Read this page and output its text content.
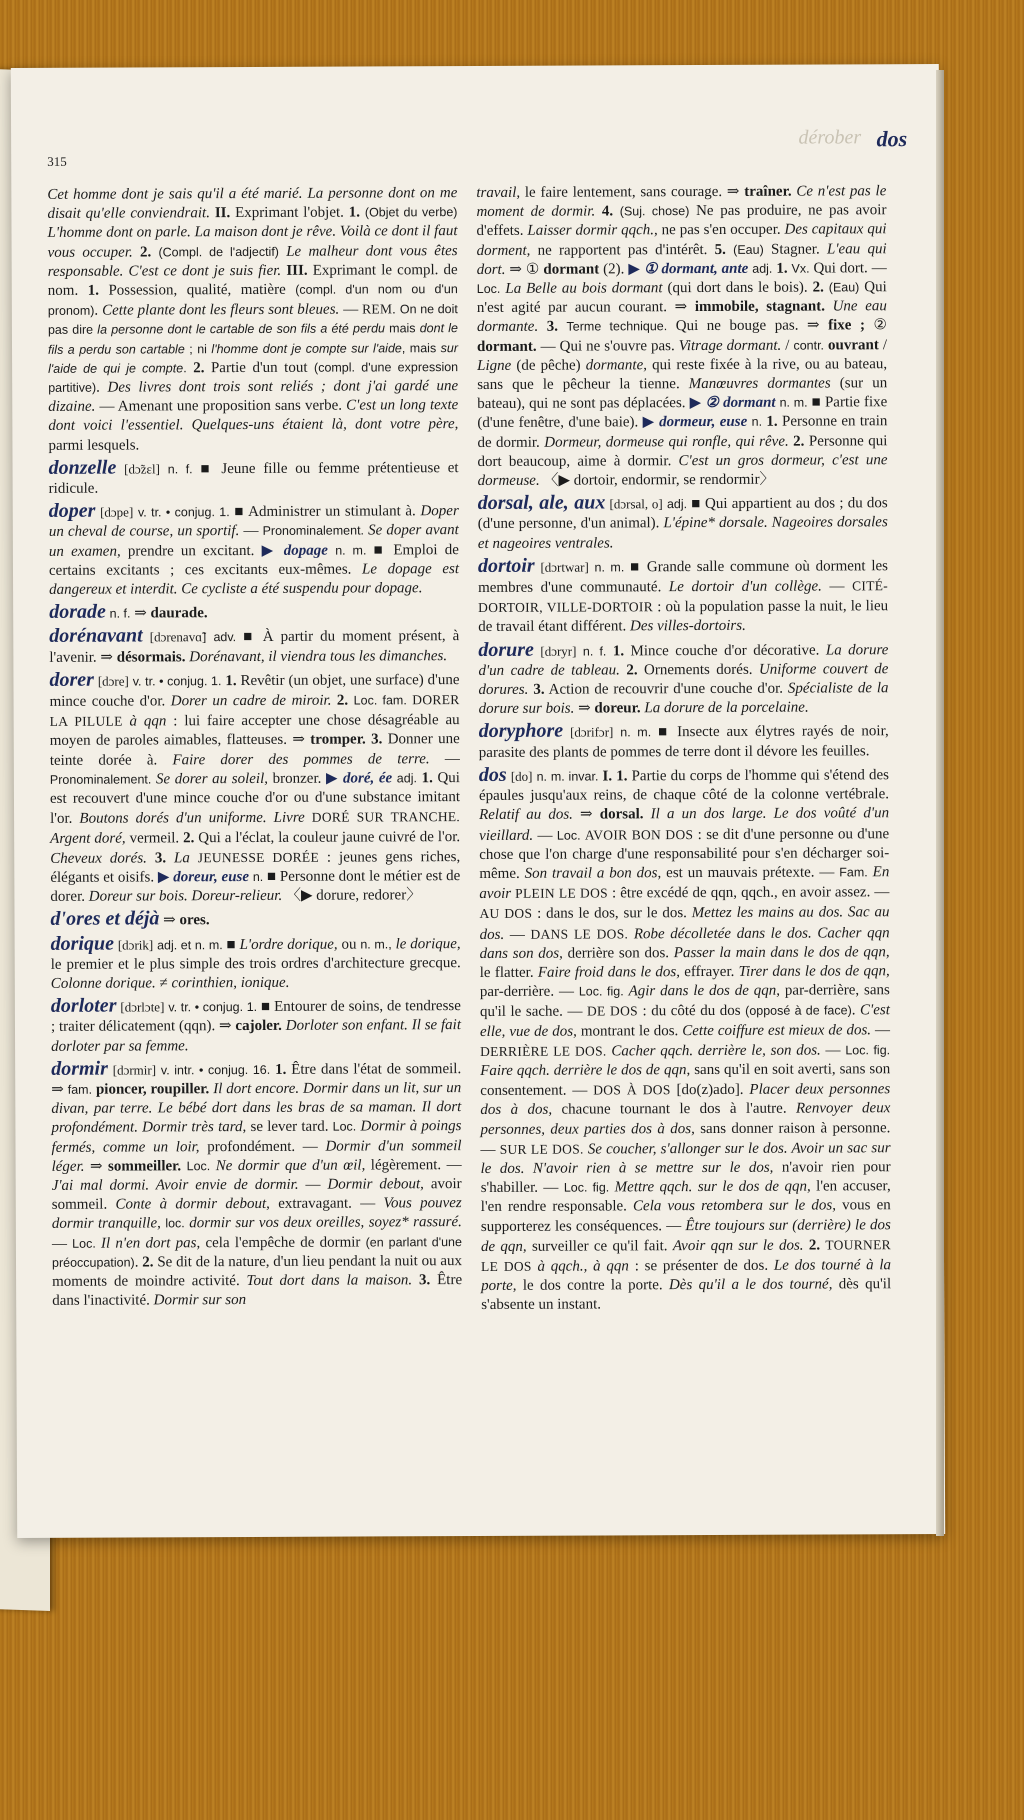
315
dérober dos

Cet homme dont je sais qu'il a été marié. La personne dont on me disait qu'elle conviendrait. II. Exprimant l'objet. 1. (Objet du verbe) L'homme dont on parle. La maison dont je rêve. Voilà ce dont il faut vous occuper. 2. (Compl. de l'adjectif) Le malheur dont vous êtes responsable. C'est ce dont je suis fier. III. Exprimant le compl. de nom. 1. Possession, qualité, matière (compl. d'un nom ou d'un pronom). Cette plante dont les fleurs sont bleues. — REM. On ne doit pas dire la personne dont le cartable de son fils a été perdu mais dont le fils a perdu son cartable ; ni l'homme dont je compte sur l'aide, mais sur l'aide de qui je compte. 2. Partie d'un tout (compl. d'une expression partitive). Des livres dont trois sont reliés ; dont j'ai gardé une dizaine. — Amenant une proposition sans verbe. C'est un long texte dont voici l'essentiel. Quelques-uns étaient là, dont votre père, parmi lesquels.

donzelle [dɔ̃zɛl] n. f. ■ Jeune fille ou femme prétentieuse et ridicule.

doper [dɔpe] v. tr. • conjug. 1. ■ Administrer un stimulant à. Doper un cheval de course, un sportif. — Pronominalement. Se doper avant un examen, prendre un excitant. ▶ dopage n. m. ■ Emploi de certains excitants ; ces excitants eux-mêmes. Le dopage est dangereux et interdit. Ce cycliste a été suspendu pour dopage.

dorade n. f. ⇒ daurade.

dorénavant [dɔrenavɑ̃] adv. ■ À partir du moment présent, à l'avenir. ⇒ désormais. Dorénavant, il viendra tous les dimanches.

dorer [dɔre] v. tr. • conjug. 1. 1. Revêtir (un objet, une surface) d'une mince couche d'or. Dorer un cadre de miroir. 2. Loc. fam. DORER LA PILULE à qqn : lui faire accepter une chose désagréable au moyen de paroles aimables, flatteuses. ⇒ tromper. 3. Donner une teinte dorée à. Faire dorer des pommes de terre. — Pronominalement. Se dorer au soleil, bronzer. ▶ doré, ée adj. 1. Qui est recouvert d'une mince couche d'or ou d'une substance imitant l'or. Boutons dorés d'un uniforme. Livre DORÉ SUR TRANCHE. Argent doré, vermeil. 2. Qui a l'éclat, la couleur jaune cuivré de l'or. Cheveux dorés. 3. La JEUNESSE DORÉE : jeunes gens riches, élégants et oisifs. ▶ doreur, euse n. ■ Personne dont le métier est de dorer. Doreur sur bois. Doreur-relieur. 〈▶ dorure, redorer〉

d'ores et déjà ⇒ ores.

dorique [dɔrik] adj. et n. m. ■ L'ordre dorique, ou n. m., le dorique, le premier et le plus simple des trois ordres d'architecture grecque. Colonne dorique. ≠ corinthien, ionique.

dorloter [dɔrlɔte] v. tr. • conjug. 1. ■ Entourer de soins, de tendresse ; traiter délicatement (qqn). ⇒ cajoler. Dorloter son enfant. Il se fait dorloter par sa femme.

dormir [dɔrmir] v. intr. • conjug. 16. 1. Être dans l'état de sommeil. ⇒ fam. pioncer, roupiller. Il dort encore. Dormir dans un lit, sur un divan, par terre. Le bébé dort dans les bras de sa maman. Il dort profondément. Dormir très tard, se lever tard. Loc. Dormir à poings fermés, comme un loir, profondément. — Dormir d'un sommeil léger. ⇒ sommeiller. Loc. Ne dormir que d'un œil, légèrement. — J'ai mal dormi. Avoir envie de dormir. — Dormir debout, avoir sommeil. Conte à dormir debout, extravagant. — Vous pouvez dormir tranquille, loc. dormir sur vos deux oreilles, soyez* rassuré. — Loc. Il n'en dort pas, cela l'empêche de dormir (en parlant d'une préoccupation). 2. Se dit de la nature, d'un lieu pendant la nuit ou aux moments de moindre activité. Tout dort dans la maison. 3. Être dans l'inactivité. Dormir sur son

travail, le faire lentement, sans courage. ⇒ traîner. Ce n'est pas le moment de dormir. 4. (Suj. chose) Ne pas produire, ne pas avoir d'effets. Laisser dormir qqch., ne pas s'en occuper. Des capitaux qui dorment, ne rapportent pas d'intérêt. 5. (Eau) Stagner. L'eau qui dort. ⇒ ① dormant (2). ▶ ① dormant, ante adj. 1. Vx. Qui dort. — Loc. La Belle au bois dormant (qui dort dans le bois). 2. (Eau) Qui n'est agité par aucun courant. ⇒ immobile, stagnant. Une eau dormante. 3. Terme technique. Qui ne bouge pas. ⇒ fixe ; ② dormant. — Qui ne s'ouvre pas. Vitrage dormant. / contr. ouvrant / Ligne (de pêche) dormante, qui reste fixée à la rive, ou au bateau, sans que le pêcheur la tienne. Manœuvres dormantes (sur un bateau), qui ne sont pas déplacées. ▶ ② dormant n. m. ■ Partie fixe (d'une fenêtre, d'une baie). ▶ dormeur, euse n. 1. Personne en train de dormir. Dormeur, dormeuse qui ronfle, qui rêve. 2. Personne qui dort beaucoup, aime à dormir. C'est un gros dormeur, c'est une dormeuse. 〈▶ dortoir, endormir, se rendormir〉

dorsal, ale, aux [dɔrsal, o] adj. ■ Qui appartient au dos ; du dos (d'une personne, d'un animal). L'épine* dorsale. Nageoires dorsales et nageoires ventrales.

dortoir [dɔrtwar] n. m. ■ Grande salle commune où dorment les membres d'une communauté. Le dortoir d'un collège. — CITÉ-DORTOIR, VILLE-DORTOIR : où la population passe la nuit, le lieu de travail étant différent. Des villes-dortoirs.

dorure [dɔryr] n. f. 1. Mince couche d'or décorative. La dorure d'un cadre de tableau. 2. Ornements dorés. Uniforme couvert de dorures. 3. Action de recouvrir d'une couche d'or. Spécialiste de la dorure sur bois. ⇒ doreur. La dorure de la porcelaine.

doryphore [dɔrifɔr] n. m. ■ Insecte aux élytres rayés de noir, parasite des plants de pommes de terre dont il dévore les feuilles.

dos [do] n. m. invar. I. 1. Partie du corps de l'homme qui s'étend des épaules jusqu'aux reins, de chaque côté de la colonne vertébrale. Relatif au dos. ⇒ dorsal. Il a un dos large. Le dos voûté d'un vieillard. — Loc. AVOIR BON DOS : se dit d'une personne ou d'une chose que l'on charge d'une responsabilité pour s'en décharger soi-même. Son travail a bon dos, est un mauvais prétexte. — Fam. En avoir PLEIN LE DOS : être excédé de qqn, qqch., en avoir assez. — AU DOS : dans le dos, sur le dos. Mettez les mains au dos. Sac au dos. — DANS LE DOS. Robe décolletée dans le dos. Cacher qqn dans son dos, derrière son dos. Passer la main dans le dos de qqn, le flatter. Faire froid dans le dos, effrayer. Tirer dans le dos de qqn, par-derrière. — Loc. fig. Agir dans le dos de qqn, par-derrière, sans qu'il le sache. — DE DOS : du côté du dos (opposé à de face). C'est elle, vue de dos, montrant le dos. Cette coiffure est mieux de dos. — DERRIÈRE LE DOS. Cacher qqch. derrière le, son dos. — Loc. fig. Faire qqch. derrière le dos de qqn, sans qu'il en soit averti, sans son consentement. — DOS À DOS [do(z)ado]. Placer deux personnes dos à dos, chacune tournant le dos à l'autre. Renvoyer deux personnes, deux parties dos à dos, sans donner raison à personne. — SUR LE DOS. Se coucher, s'allonger sur le dos. Avoir un sac sur le dos. N'avoir rien à se mettre sur le dos, n'avoir rien pour s'habiller. — Loc. fig. Mettre qqch. sur le dos de qqn, l'en accuser, l'en rendre responsable. Cela vous retombera sur le dos, vous en supporterez les conséquences. — Être toujours sur (derrière) le dos de qqn, surveiller ce qu'il fait. Avoir qqn sur le dos. 2. TOURNER LE DOS à qqch., à qqn : se présenter de dos. Le dos tourné à la porte, le dos contre la porte. Dès qu'il a le dos tourné, dès qu'il s'absente un instant.
